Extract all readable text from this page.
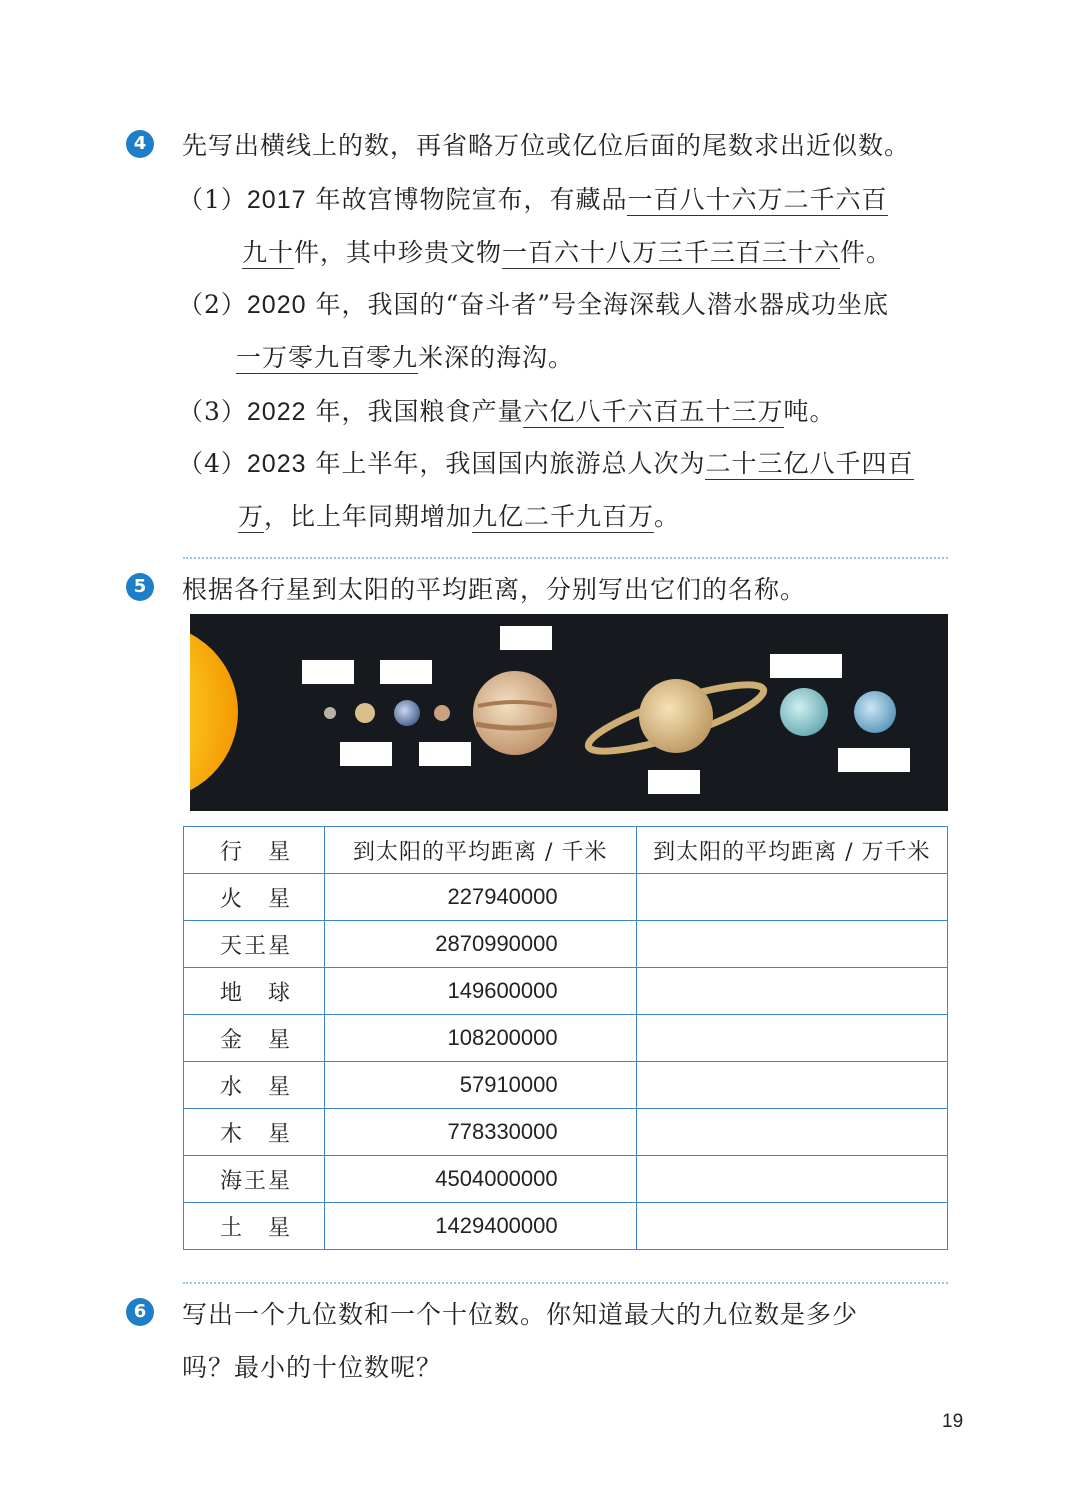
4	先写出横线上的数，再省略万位或亿位后面的尾数求出近似数。
（1）2017 年故宫博物院宣布，有藏品一百八十六万二千六百
九十件，其中珍贵文物一百六十八万三千三百三十六件。
（2）2020 年，我国的“奋斗者”号全海深载人潜水器成功坐底
一万零九百零九米深的海沟。
（3）2022 年，我国粮食产量六亿八千六百五十三万吨。
（4）2023 年上半年，我国国内旅游总人次为二十三亿八千四百
万，比上年同期增加九亿二千九百万。
5	根据各行星到太阳的平均距离，分别写出它们的名称。
行　星	到太阳的平均距离 / 千米	到太阳的平均距离 / 万千米
火　星	227940000	
天王星	2870990000	
地　球	149600000	
金　星	108200000	
水　星	57910000	
木　星	778330000	
海王星	4504000000	
土　星	1429400000	
6	写出一个九位数和一个十位数。你知道最大的九位数是多少
吗？最小的十位数呢？
19
